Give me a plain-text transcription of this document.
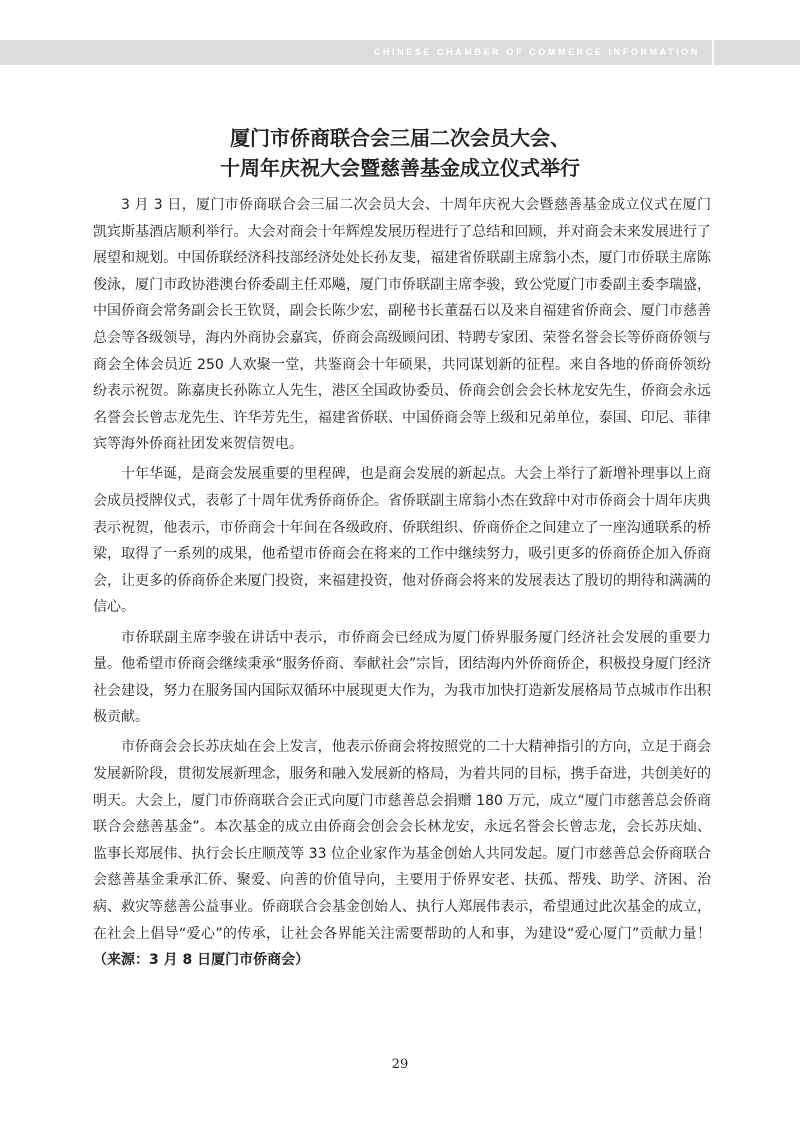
CHINESE CHAMBER OF COMMERCE INFORMATION
厦门市侨商联合会三届二次会员大会、
十周年庆祝大会暨慈善基金成立仪式举行

3 月 3 日，厦门市侨商联合会三届二次会员大会、十周年庆祝大会暨慈善基金成立仪式在厦门凯宾斯基酒店顺利举行。大会对商会十年辉煌发展历程进行了总结和回顾，并对商会未来发展进行了展望和规划。中国侨联经济科技部经济处处长孙友斐，福建省侨联副主席翁小杰，厦门市侨联主席陈俊泳，厦门市政协港澳台侨委副主任邓飚，厦门市侨联副主席李骏，致公党厦门市委副主委李瑞盛，中国侨商会常务副会长王钦贤，副会长陈少宏，副秘书长董磊石以及来自福建省侨商会、厦门市慈善总会等各级领导，海内外商协会嘉宾，侨商会高级顾问团、特聘专家团、荣誉名誉会长等侨商侨领与商会全体会员近 250 人欢聚一堂，共鉴商会十年硕果，共同谋划新的征程。来自各地的侨商侨领纷纷表示祝贺。陈嘉庚长孙陈立人先生，港区全国政协委员、侨商会创会会长林龙安先生，侨商会永远名誉会长曾志龙先生、许华芳先生，福建省侨联、中国侨商会等上级和兄弟单位，泰国、印尼、菲律宾等海外侨商社团发来贺信贺电。

十年华诞，是商会发展重要的里程碑，也是商会发展的新起点。大会上举行了新增补理事以上商会成员授牌仪式，表彰了十周年优秀侨商侨企。省侨联副主席翁小杰在致辞中对市侨商会十周年庆典表示祝贺，他表示，市侨商会十年间在各级政府、侨联组织、侨商侨企之间建立了一座沟通联系的桥梁，取得了一系列的成果，他希望市侨商会在将来的工作中继续努力，吸引更多的侨商侨企加入侨商会，让更多的侨商侨企来厦门投资，来福建投资，他对侨商会将来的发展表达了殷切的期待和满满的信心。

市侨联副主席李骏在讲话中表示，市侨商会已经成为厦门侨界服务厦门经济社会发展的重要力量。他希望市侨商会继续秉承“服务侨商、奉献社会”宗旨，团结海内外侨商侨企，积极投身厦门经济社会建设，努力在服务国内国际双循环中展现更大作为，为我市加快打造新发展格局节点城市作出积极贡献。

市侨商会会长苏庆灿在会上发言，他表示侨商会将按照党的二十大精神指引的方向，立足于商会发展新阶段，贯彻发展新理念，服务和融入发展新的格局，为着共同的目标，携手奋进，共创美好的明天。大会上，厦门市侨商联合会正式向厦门市慈善总会捐赠 180 万元，成立“厦门市慈善总会侨商联合会慈善基金”。本次基金的成立由侨商会创会会长林龙安，永远名誉会长曾志龙，会长苏庆灿、监事长郑展伟、执行会长庄顺茂等 33 位企业家作为基金创始人共同发起。厦门市慈善总会侨商联合会慈善基金秉承汇侨、聚爱、向善的价值导向，主要用于侨界安老、扶孤、帮残、助学、济困、治病、救灾等慈善公益事业。侨商联合会基金创始人、执行人郑展伟表示，希望通过此次基金的成立，在社会上倡导“爱心”的传承，让社会各界能关注需要帮助的人和事，为建设“爱心厦门”贡献力量！（来源：3 月 8 日厦门市侨商会）

29
